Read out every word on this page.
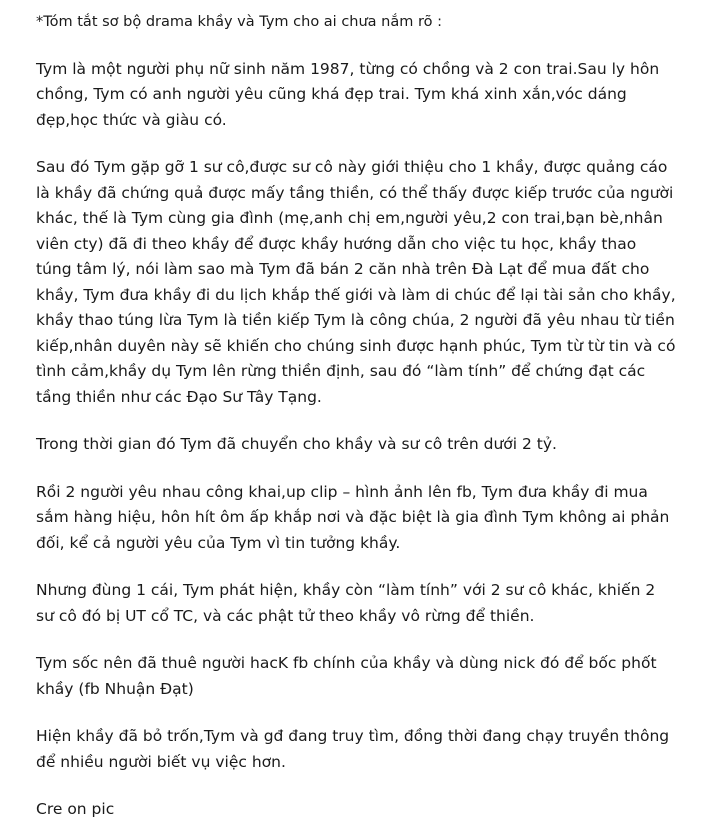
*Tóm tắt sơ bộ drama khầy và Tym cho ai chưa nắm rõ :

Tym là một người phụ nữ sinh năm 1987, từng có chồng và 2 con trai.Sau ly hôn chồng, Tym có anh người yêu cũng khá đẹp trai. Tym khá xinh xắn,vóc dáng đẹp,học thức và giàu có.

Sau đó Tym gặp gỡ 1 sư cô,được sư cô này giới thiệu cho 1 khầy, được quảng cáo là khầy đã chứng quả được mấy tầng thiền, có thể thấy được kiếp trước của người khác, thế là Tym cùng gia đình (mẹ,anh chị em,người yêu,2 con trai,bạn bè,nhân viên cty) đã đi theo khầy để được khầy hướng dẫn cho việc tu học, khầy thao túng tâm lý, nói làm sao mà Tym đã bán 2 căn nhà trên Đà Lạt để mua đất cho khầy, Tym đưa khầy đi du lịch khắp thế giới và làm di chúc để lại tài sản cho khầy, khầy thao túng lừa Tym là tiền kiếp Tym là công chúa, 2 người đã yêu nhau từ tiền kiếp,nhân duyên này sẽ khiến cho chúng sinh được hạnh phúc, Tym từ từ tin và có tình cảm,khầy dụ Tym lên rừng thiền định, sau đó “làm tính” để chứng đạt các tầng thiền như các Đạo Sư Tây Tạng.

Trong thời gian đó Tym đã chuyển cho khầy và sư cô trên dưới 2 tỷ.

Rồi 2 người yêu nhau công khai,up clip – hình ảnh lên fb, Tym đưa khầy đi mua sắm hàng hiệu, hôn hít ôm ấp khắp nơi và đặc biệt là gia đình Tym không ai phản đối, kể cả người yêu của Tym vì tin tưởng khầy.

Nhưng đùng 1 cái, Tym phát hiện, khầy còn “làm tính” với 2 sư cô khác, khiến 2 sư cô đó bị UT cổ TC, và các phật tử theo khầy vô rừng để thiền.

Tym sốc nên đã thuê người hacK fb chính của khầy và dùng nick đó để bốc phốt khầy (fb Nhuận Đạt)

Hiện khầy đã bỏ trốn,Tym và gđ đang truy tìm, đồng thời đang chạy truyền thông để nhiều người biết vụ việc hơn.

Cre on pic
